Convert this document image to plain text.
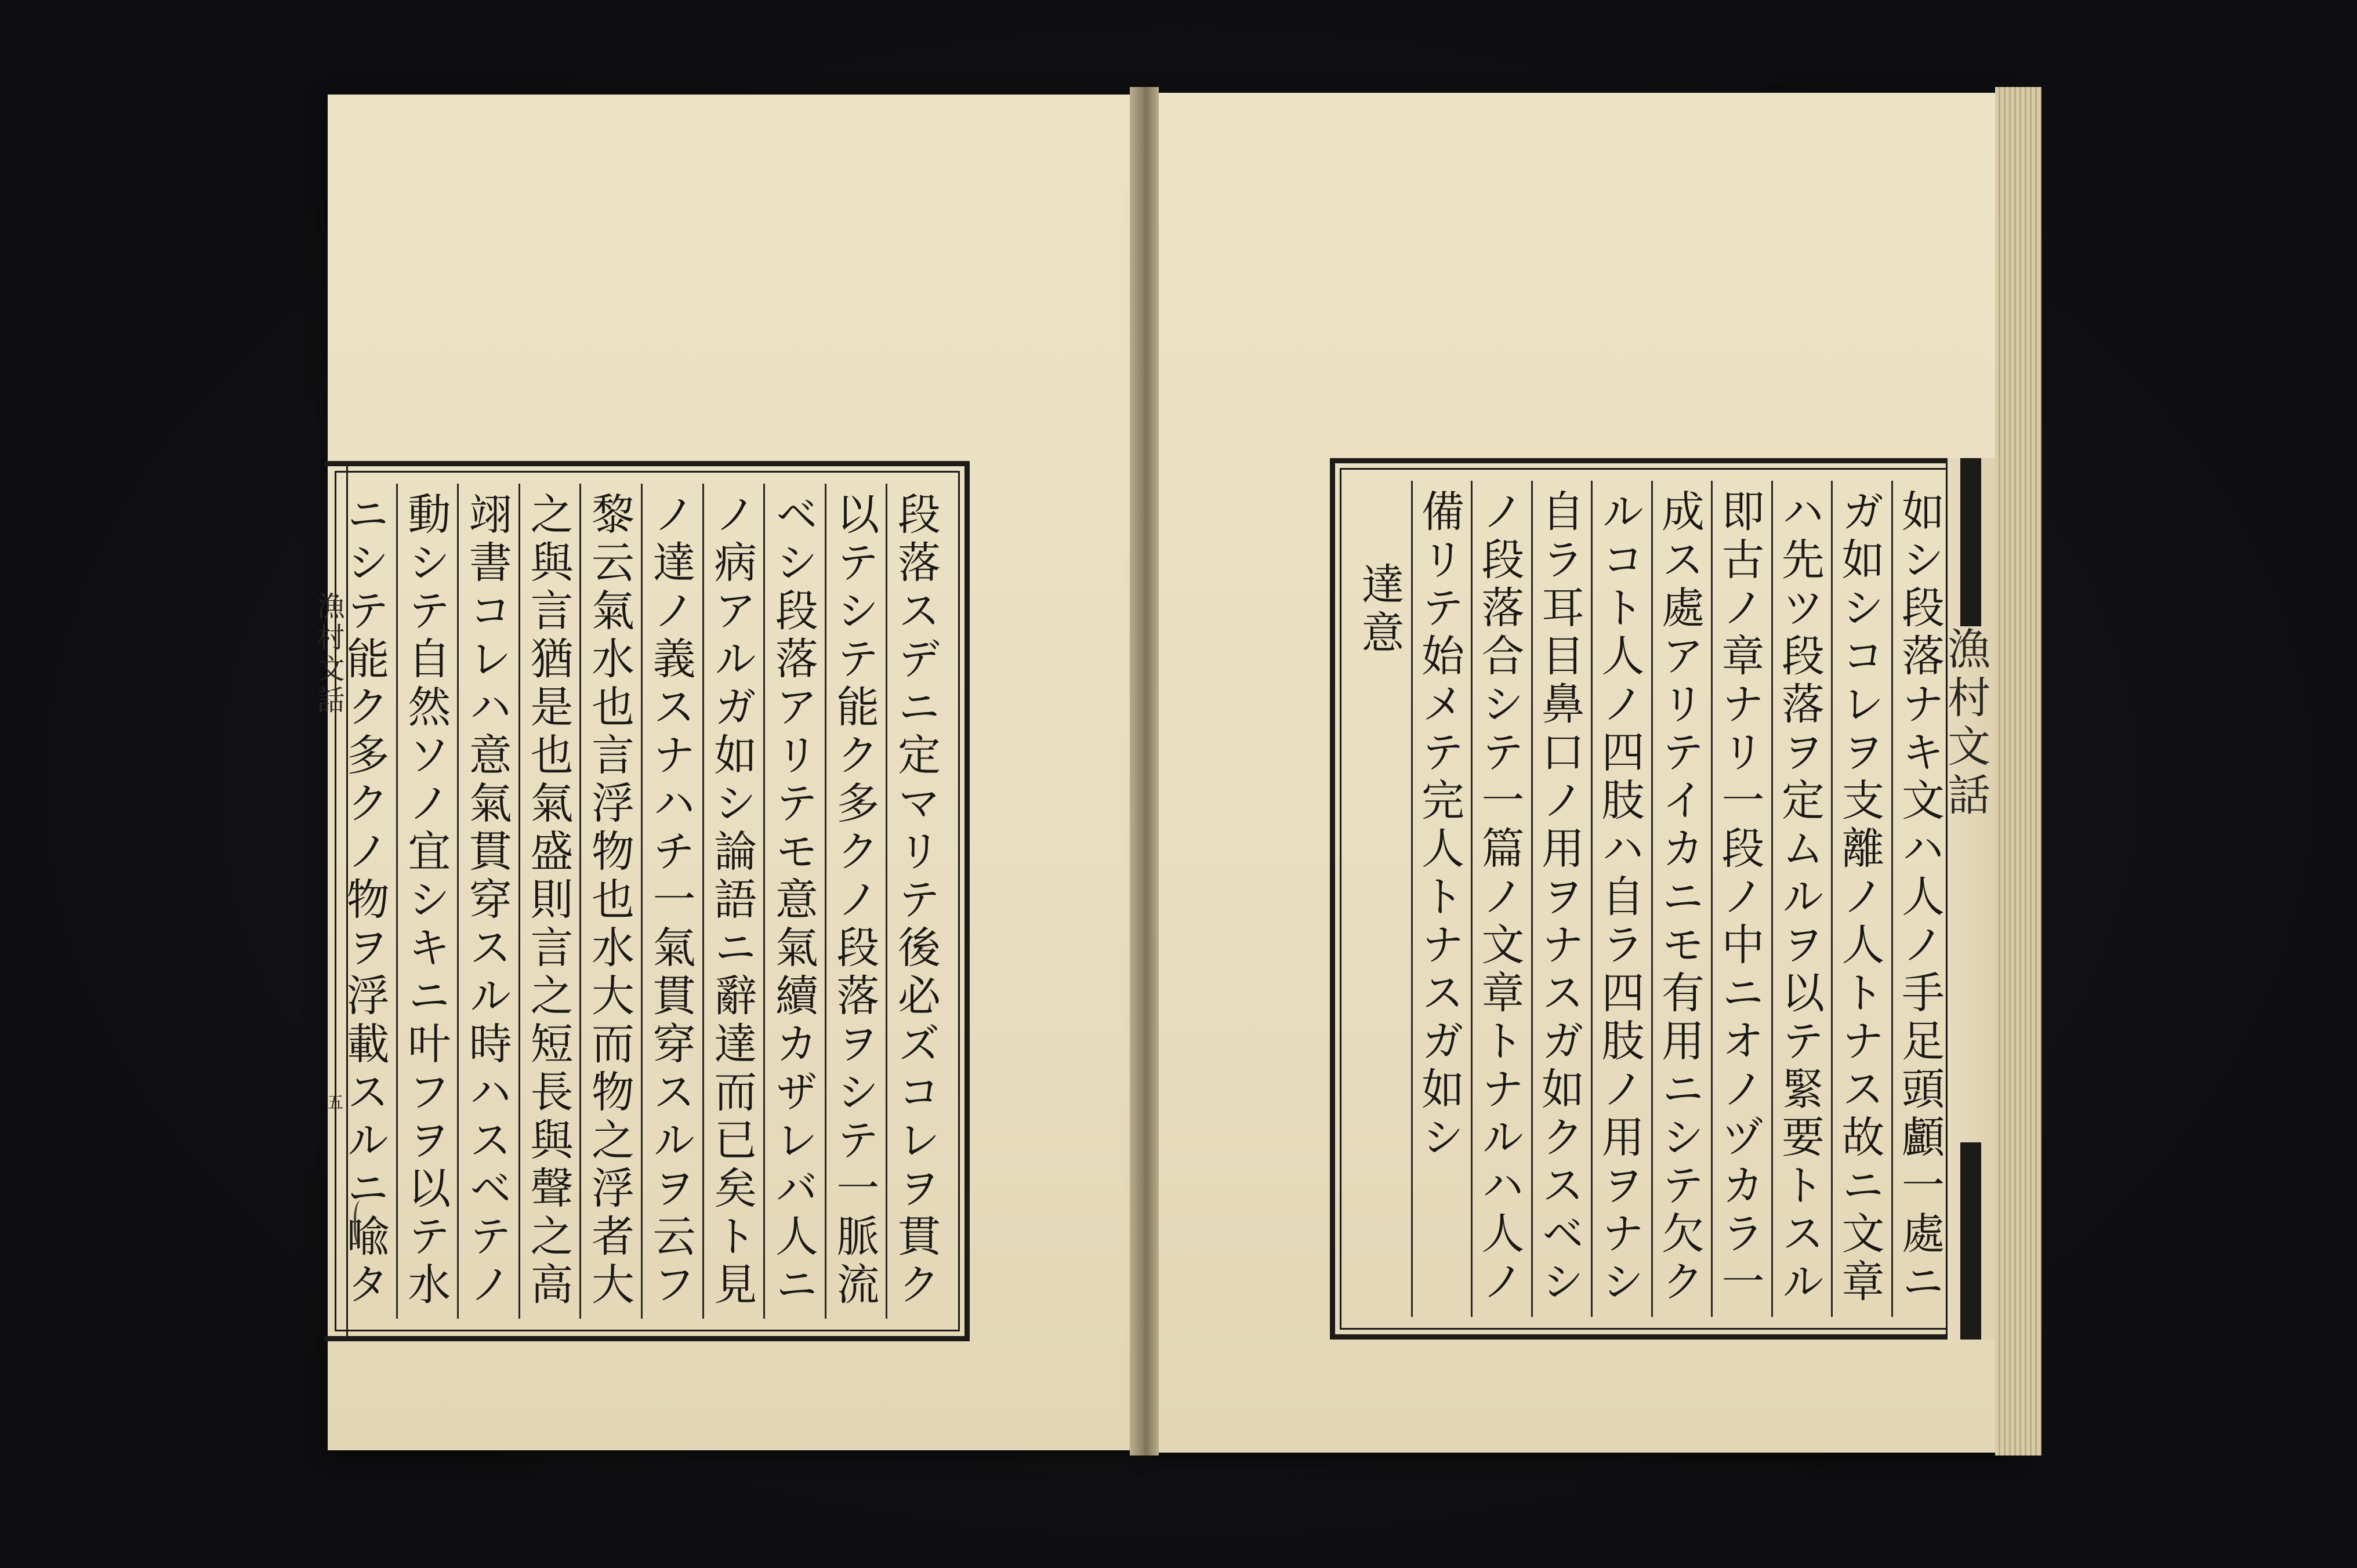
段落スデニ定マリテ後必ズコレヲ貫ク
以テシテ能ク多クノ段落ヲシテ一脈流
ベシ段落アリテモ意氣續カザレバ人ニ
ノ病アルガ如シ論語ニ辭達而已矣ト見
ノ達ノ義スナハチ一氣貫穿スルヲ云フ
黎云氣水也言浮物也水大而物之浮者大
之與言猶是也氣盛則言之短長與聲之高
翊書コレハ意氣貫穿スル時ハスベテノ
動シテ自然ソノ宜シキニ叶フヲ以テ水
ニシテ能ク多クノ物ヲ浮載スルニ喩タ
漁村文話
五
如シ段落ナキ文ハ人ノ手足頭顱一處ニ
ガ如シコレヲ支離ノ人トナス故ニ文章
ハ先ツ段落ヲ定ムルヲ以テ緊要トスル
即古ノ章ナリ一段ノ中ニオノヅカラ一
成ス處アリテイカニモ有用ニシテ欠ク
ルコト人ノ四肢ハ自ラ四肢ノ用ヲナシ
自ラ耳目鼻口ノ用ヲナスガ如クスベシ
ノ段落合シテ一篇ノ文章トナルハ人ノ
備リテ始メテ完人トナスガ如シ
達意
漁村文話
